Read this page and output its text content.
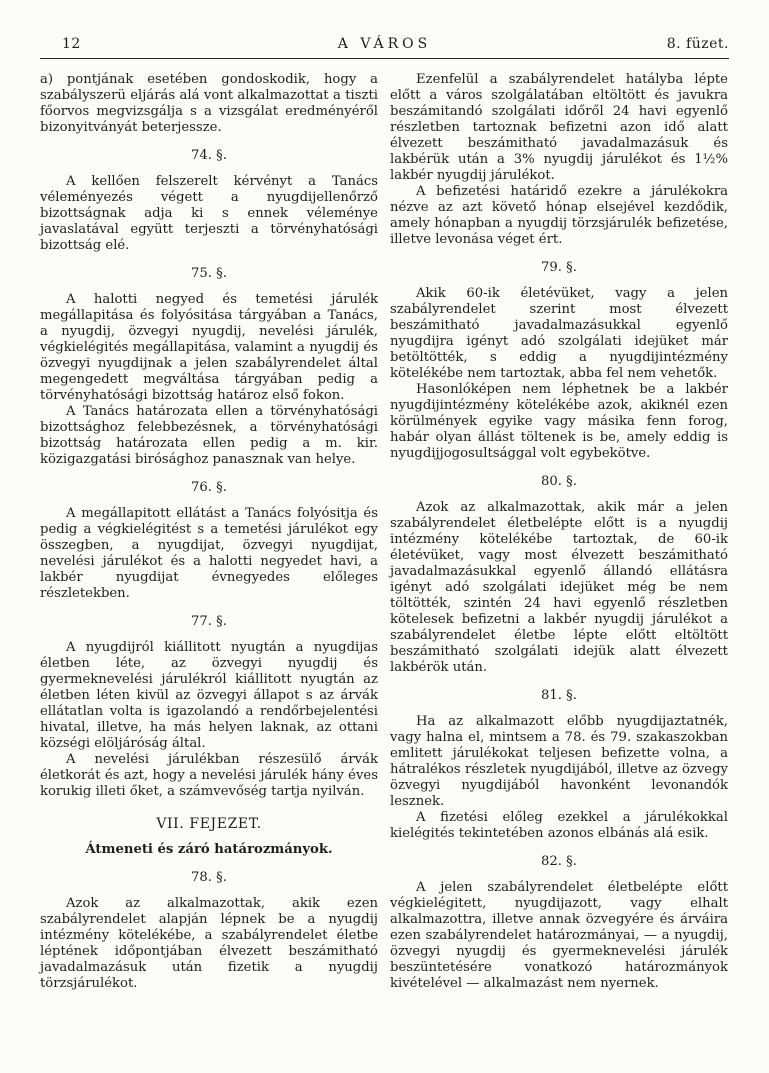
12	A VÁROS	8. füzet.

a) pontjának esetében gondoskodik, hogy a szabályszerü eljárás alá vont alkalmazottat a tiszti főorvos megvizsgálja s a vizsgálat eredményéről bizonyitványát beterjessze.

74. §.

A kellően felszerelt kérvényt a Tanács véleményezés végett a nyugdijellenőrző bizottságnak adja ki s ennek véleménye javaslatával együtt terjeszti a törvényhatósági bizottság elé.

75. §.

A halotti negyed és temetési járulék megállapitása és folyósitása tárgyában a Tanács, a nyugdij, özvegyi nyugdij, nevelési járulék, végkielégités megállapitása, valamint a nyugdij és özvegyi nyugdijnak a jelen szabályrendelet által megengedett megváltása tárgyában pedig a törvényhatósági bizottság határoz első fokon.

A Tanács határozata ellen a törvényhatósági bizottsághoz felebbezésnek, a törvényhatósági bizottság határozata ellen pedig a m. kir. közigazgatási birósághoz panasznak van helye.

76. §.

A megállapitott ellátást a Tanács folyósitja és pedig a végkielégitést s a temetési járulékot egy összegben, a nyugdijat, özvegyi nyugdijat, nevelési járulékot és a halotti negyedet havi, a lakbér nyugdijat évnegyedes előleges részletekben.

77. §.

A nyugdijról kiállitott nyugtán a nyugdijas életben léte, az özvegyi nyugdij és gyermeknevelési járulékról kiállitott nyugtán az életben léten kivül az özvegyi állapot s az árvák ellátatlan volta is igazolandó a rendőrbejelentési hivatal, illetve, ha más helyen laknak, az ottani községi elöljáróság által.

A nevelési járulékban részesülő árvák életkorát és azt, hogy a nevelési járulék hány éves korukig illeti őket, a számvevőség tartja nyilván.

VII. FEJEZET.
Átmeneti és záró határozmányok.
78. §.

Azok az alkalmazottak, akik ezen szabályrendelet alapján lépnek be a nyugdij intézmény kötelékébe, a szabályrendelet életbe léptének időpontjában élvezett beszámitható javadalmazásuk után fizetik a nyugdij törzsjárulékot.

Ezenfelül a szabályrendelet hatályba lépte előtt a város szolgálatában eltöltött és javukra beszámitandó szolgálati időről 24 havi egyenlő részletben tartoznak befizetni azon idő alatt élvezett beszámitható javadalmazásuk és lakbérük után a 3% nyugdij járulékot és 1½% lakbér nyugdij járulékot.

A befizetési határidő ezekre a járulékokra nézve az azt követő hónap elsejével kezdődik, amely hónapban a nyugdij törzsjárulék befizetése, illetve levonása véget ért.

79. §.

Akik 60-ik életévüket, vagy a jelen szabályrendelet szerint most élvezett beszámitható javadalmazásukkal egyenlő nyugdijra igényt adó szolgálati idejüket már betöltötték, s eddig a nyugdijintézmény kötelékébe nem tartoztak, abba fel nem vehetők.

Hasonlóképen nem léphetnek be a lakbér nyugdijintézmény kötelékébe azok, akiknél ezen körülmények egyike vagy másika fenn forog, habár olyan állást töltenek is be, amely eddig is nyugdijjogosultsággal volt egybekötve.

80. §.

Azok az alkalmazottak, akik már a jelen szabályrendelet életbelépte előtt is a nyugdij intézmény kötelékébe tartoztak, de 60-ik életévüket, vagy most élvezett beszámitható javadalmazásukkal egyenlő állandó ellátásra igényt adó szolgálati idejüket még be nem töltötték, szintén 24 havi egyenlő részletben kötelesek befizetni a lakbér nyugdij járulékot a szabályrendelet életbe lépte előtt eltöltött beszámitható szolgálati idejük alatt élvezett lakbérök után.

81. §.

Ha az alkalmazott előbb nyugdijaztatnék, vagy halna el, mintsem a 78. és 79. szakaszokban emlitett járulékokat teljesen befizette volna, a hátralékos részletek nyugdijából, illetve az özvegy özvegyi nyugdijából havonként levonandók lesznek.

A fizetési előleg ezekkel a járulékokkal kielégités tekintetében azonos elbánás alá esik.

82. §.

A jelen szabályrendelet életbelépte előtt végkielégitett, nyugdijazott, vagy elhalt alkalmazottra, illetve annak özvegyére és árváira ezen szabályrendelet határozmányai, — a nyugdij, özvegyi nyugdij és gyermeknevelési járulék beszüntetésére vonatkozó határozmányok kivételével — alkalmazást nem nyernek.
